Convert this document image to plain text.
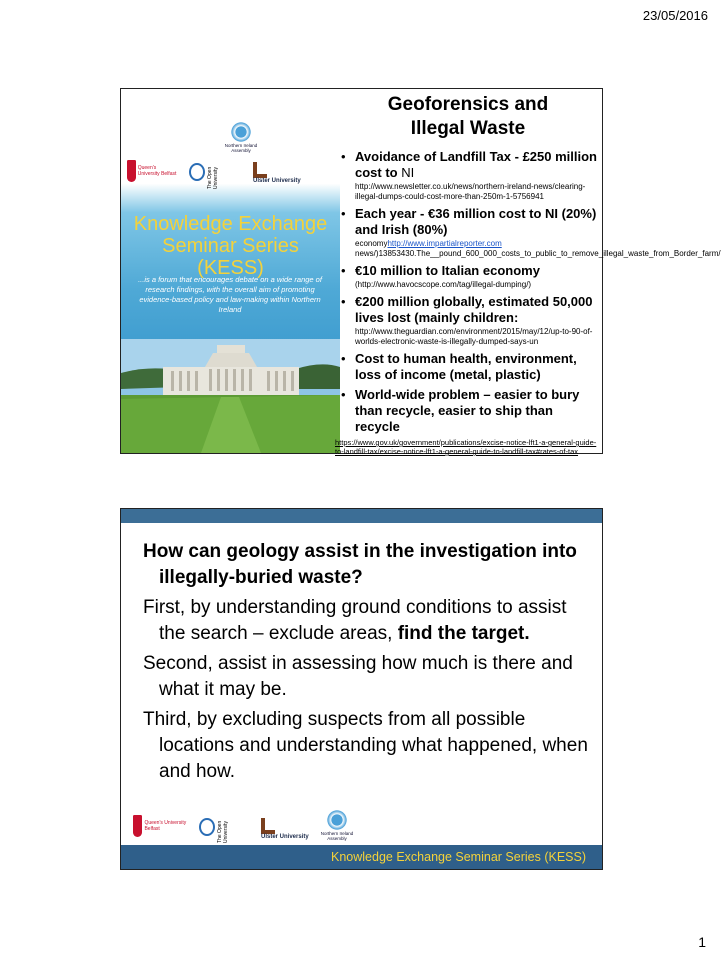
23/05/2016
Northern Ireland Assembly
Queen's University Belfast	The Open University	Ulster University
Knowledge Exchange
Seminar Series
(KESS)
...is a forum that encourages debate on a wide range of research findings, with the overall aim of promoting evidence-based policy and law-making within Northern Ireland
Geoforensics and
Illegal Waste
• Avoidance of Landfill Tax - £250 million cost to NI
http://www.newsletter.co.uk/news/northern-ireland-news/clearing-illegal-dumps-could-cost-more-than-250m-1-5756941
• Each year - €36 million cost to NI (20%) and Irish (80%)
economyhttp://www.impartialreporter.com
news/)13853430.The__pound_600_000_costs_to_public_to_remove_illegal_waste_from_Border_farm/
• €10 million to Italian economy
(http://www.havocscope.com/tag/illegal-dumping/)
• €200 million globally, estimated 50,000 lives lost (mainly children:
http://www.theguardian.com/environment/2015/may/12/up-to-90-of-worlds-electronic-waste-is-illegally-dumped-says-un
• Cost to human health, environment, loss of income (metal, plastic)
• World-wide problem – easier to bury than recycle, easier to ship than recycle
https://www.gov.uk/government/publications/excise-notice-lft1-a-general-guide-to-landfill-tax/excise-notice-lft1-a-general-guide-to-landfill-tax#rates-of-tax
How can geology assist in the investigation into illegally-buried waste?
First, by understanding ground conditions to assist the search – exclude areas, find the target.
Second, assist in assessing how much is there and what it may be.
Third, by excluding suspects from all possible locations and understanding what happened, when and how.
Queen's University Belfast	The Open University	Ulster University	Northern Ireland Assembly
Knowledge Exchange Seminar Series (KESS)
1
